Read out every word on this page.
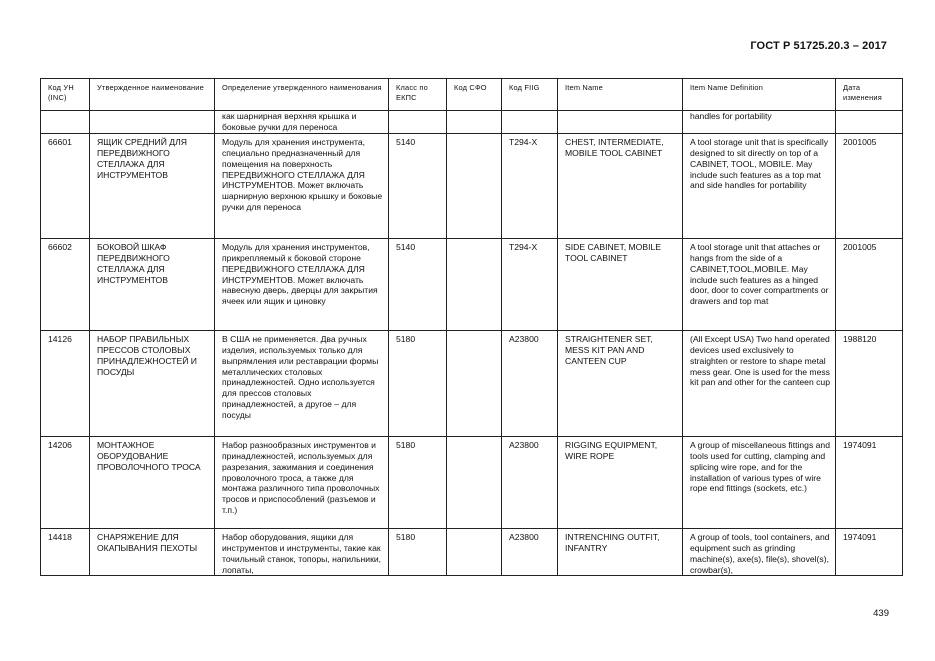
ГОСТ Р 51725.20.3 – 2017
Код УН (INC)	Утвержденное наименование	Определение утвержденного наименования	Класс по ЕКПС	Код СФО	Код FIIG	Item Name	Item Name Definition	Дата изменения
		как шарнирная верхняя крышка и боковые ручки для переноса					handles for portability	
66601	ЯЩИК СРЕДНИЙ ДЛЯ ПЕРЕДВИЖНОГО СТЕЛЛАЖА ДЛЯ ИНСТРУМЕНТОВ	Модуль для хранения инструмента, специально предназначенный для помещения на поверхность ПЕРЕДВИЖНОГО СТЕЛЛАЖА ДЛЯ ИНСТРУМЕНТОВ. Может включать шарнирную верхнюю крышку и боковые ручки для переноса	5140		T294-X	CHEST, INTERMEDIATE, MOBILE TOOL CABINET	A tool storage unit that is specifically designed to sit directly on top of a CABINET, TOOL, MOBILE. May include such features as a top mat and side handles for portability	2001005
66602	БОКОВОЙ ШКАФ ПЕРЕДВИЖНОГО СТЕЛЛАЖА ДЛЯ ИНСТРУМЕНТОВ	Модуль для хранения инструментов, прикрепляемый к боковой стороне ПЕРЕДВИЖНОГО СТЕЛЛАЖА ДЛЯ ИНСТРУМЕНТОВ. Может включать навесную дверь, дверцы для закрытия ячеек или ящик и циновку	5140		T294-X	SIDE CABINET, MOBILE TOOL CABINET	A tool storage unit that attaches or hangs from the side of a CABINET,TOOL,MOBILE. May include such features as a hinged door, door to cover compartments or drawers and top mat	2001005
14126	НАБОР ПРАВИЛЬНЫХ ПРЕССОВ СТОЛОВЫХ ПРИНАДЛЕЖНОСТЕЙ И ПОСУДЫ	В США не применяется. Два ручных изделия, используемых только для выпрямления или реставрации формы металлических столовых принадлежностей. Одно используется для прессов столовых принадлежностей, а другое – для посуды	5180		A23800	STRAIGHTENER SET, MESS KIT PAN AND CANTEEN CUP	(All Except USA) Two hand operated devices used exclusively to straighten or restore to shape metal mess gear. One is used for the mess kit pan and other for the canteen cup	1988120
14206	МОНТАЖНОЕ ОБОРУДОВАНИЕ ПРОВОЛОЧНОГО ТРОСА	Набор разнообразных инструментов и принадлежностей, используемых для разрезания, зажимания и соединения проволочного троса, а также для монтажа различного типа проволочных тросов и приспособлений (разъемов и т.п.)	5180		A23800	RIGGING EQUIPMENT, WIRE ROPE	A group of miscellaneous fittings and tools used for cutting, clamping and splicing wire rope, and for the installation of various types of wire rope end fittings (sockets, etc.)	1974091
14418	СНАРЯЖЕНИЕ ДЛЯ ОКАПЫВАНИЯ ПЕХОТЫ	Набор оборудования, ящики для инструментов и инструменты, такие как точильный станок, топоры, напильники, лопаты,	5180		A23800	INTRENCHING OUTFIT, INFANTRY	A group of tools, tool containers, and equipment such as grinding machine(s), axe(s), file(s), shovel(s), crowbar(s),	1974091
439
